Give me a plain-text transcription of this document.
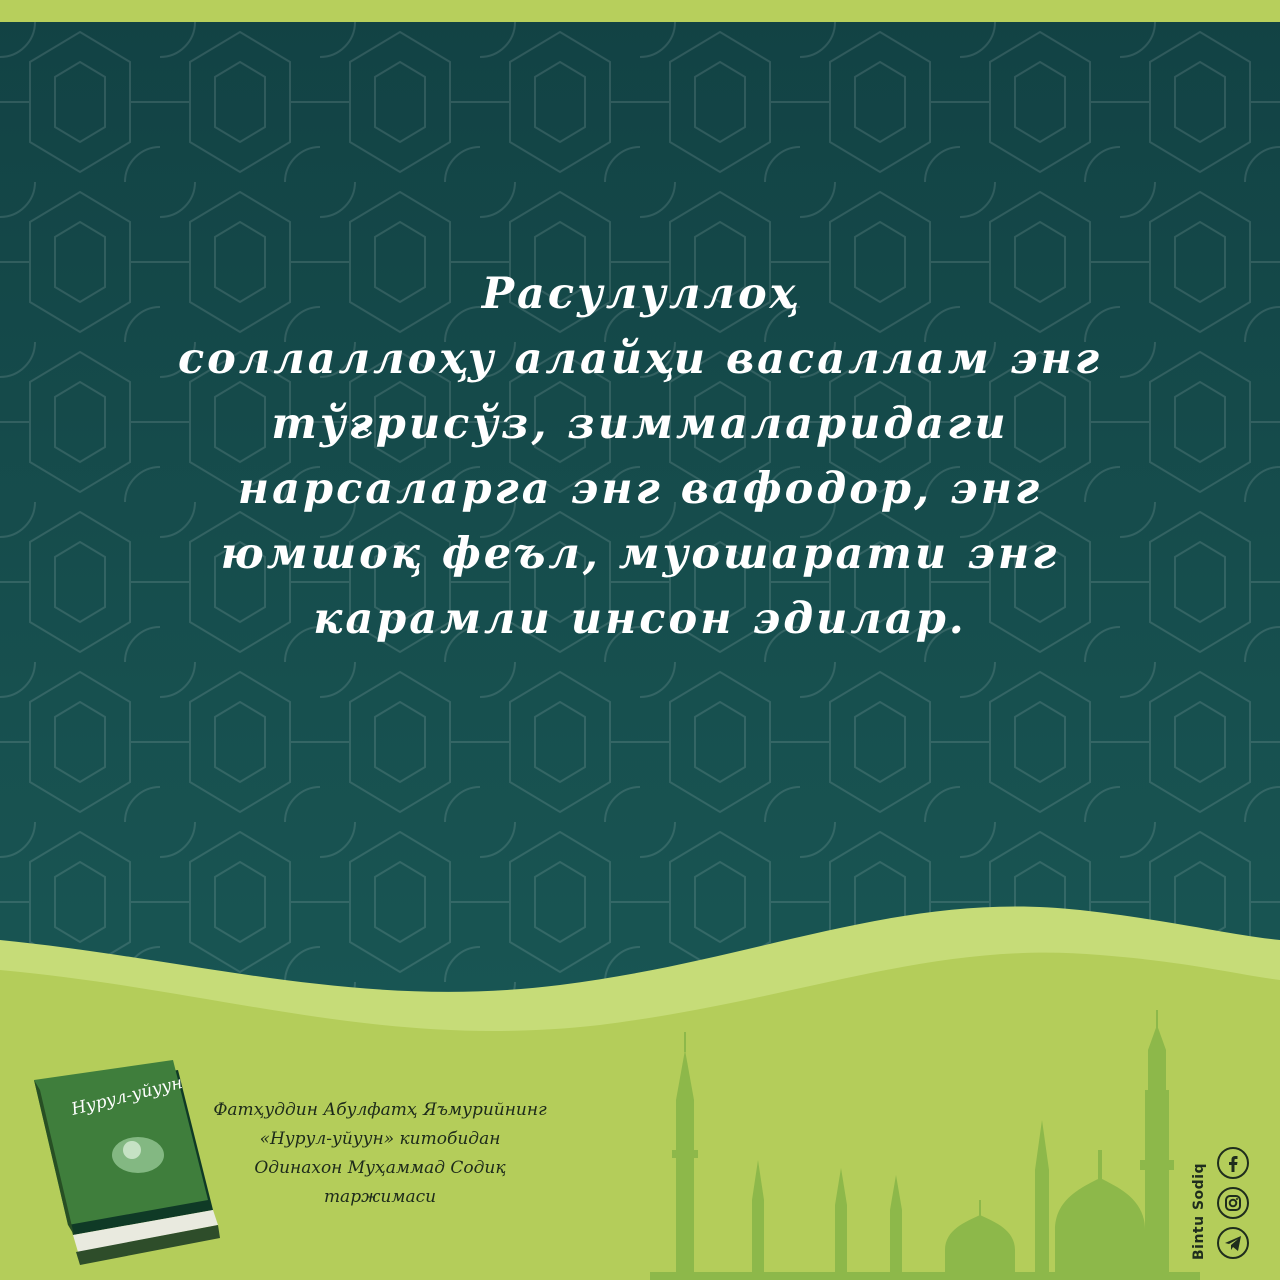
Расулуллоҳ
соллаллоҳу алайҳи васаллам энг
тўғрисўз, зиммаларидаги
нарсаларга энг вафодор, энг
юмшоқ феъл, муошарати энг
карамли инсон эдилар.
Нурул-уйуун	Фатҳуддин Абулфатҳ Яъмурийнинг
«Нурул-уйуун» китобидан
Одинахон Муҳаммад Содиқ
таржимаси	Bintu Sodiq
